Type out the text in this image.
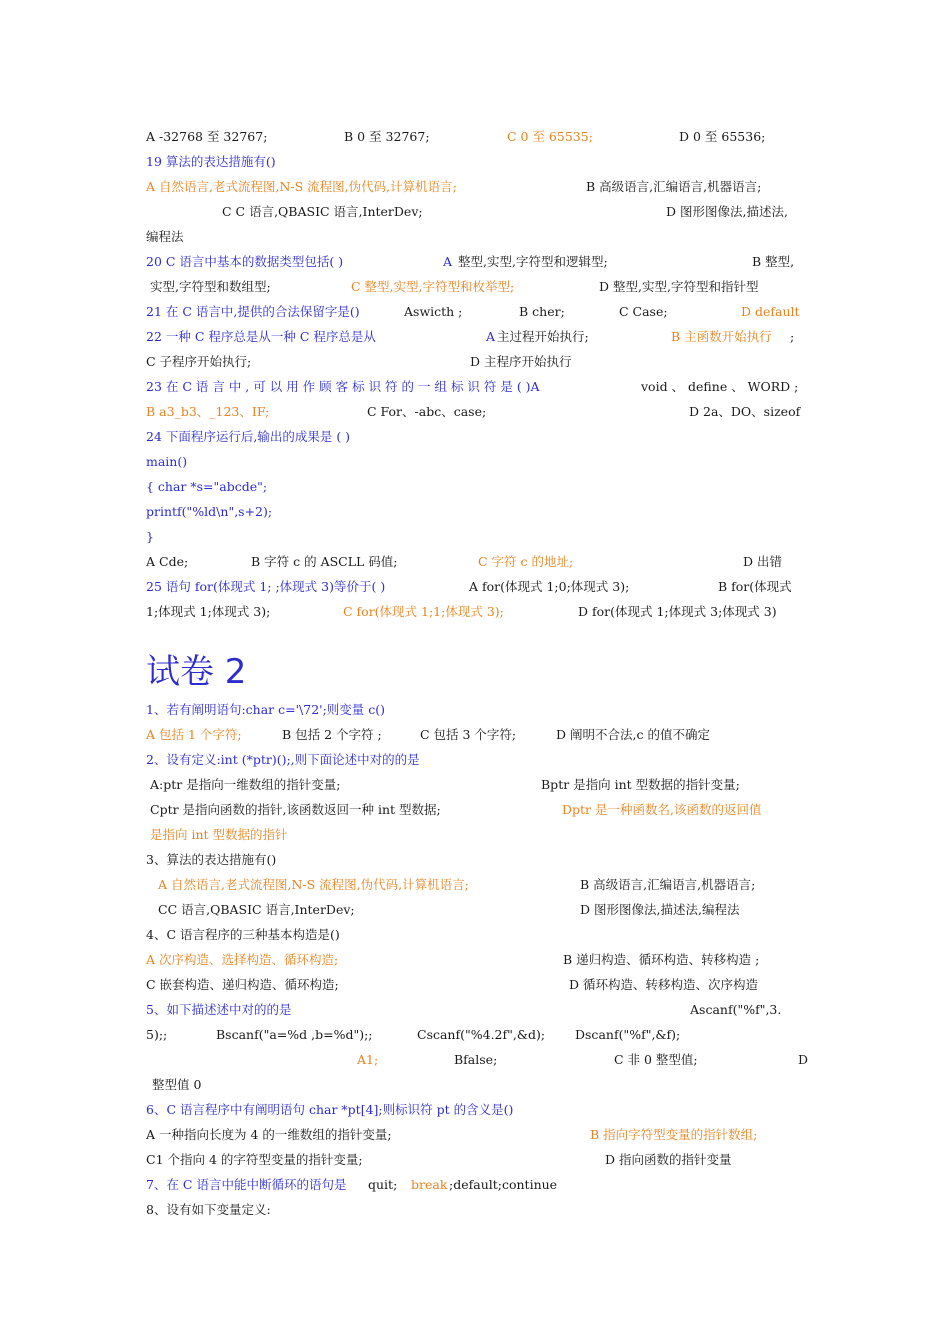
试卷 2
A -32768 至 32767;	B 0 至 32767;	C 0 至 65535;	D 0 至 65536;
19 算法的表达措施有()
A 自然语言,老式流程图,N-S 流程图,伪代码,计算机语言;	B 高级语言,汇编语言,机器语言;
C C 语言,QBASIC 语言,InterDev;	D 图形图像法,描述法,
编程法
20 C 语言中基本的数据类型包括( )	A 整型,实型,字符型和逻辑型;	B 整型,
实型,字符型和数组型;	C 整型,实型,字符型和枚举型;	D 整型,实型,字符型和指针型
21 在 C 语言中,提供的合法保留字是()	Aswicth ;	B cher;	C Case;	D default
22 一种 C 程序总是从一种 C 程序总是从	A 主过程开始执行;	B 主函数开始执行 ;
C 子程序开始执行;	D 主程序开始执行
23 在 C 语 言 中 , 可 以 用 作 顾 客 标 识 符 的 一 组 标 识 符 是 ( )A	void 、 define 、 WORD ;
B a3_b3、_123、IF;	C For、-abc、case;	D 2a、DO、sizeof
24 下面程序运行后,输出的成果是 ( )
main()
{ char *s="abcde";
printf("%ld\n",s+2);
}
A Cde;	B 字符 c 的 ASCLL 码值;	C 字符 c 的地址;	D 出错
25 语句 for(体现式 1; ;体现式 3)等价于( )	A for(体现式 1;0;体现式 3);	B for(体现式
1;体现式 1;体现式 3);	C for(体现式 1;1;体现式 3);	D for(体现式 1;体现式 3;体现式 3)
1、若有阐明语句:char c='\72';则变量 c()
A 包括 1 个字符;	B 包括 2 个字符 ;	C 包括 3 个字符;	D 阐明不合法,c 的值不确定
2、设有定义:int (*ptr)();,则下面论述中对的的是
A:ptr 是指向一维数组的指针变量;	Bptr 是指向 int 型数据的指针变量;
Cptr 是指向函数的指针,该函数返回一种 int 型数据;	Dptr 是一种函数名,该函数的返回值
是指向 int 型数据的指针
3、算法的表达措施有()
A 自然语言,老式流程图,N-S 流程图,伪代码,计算机语言;	B 高级语言,汇编语言,机器语言;
CC 语言,QBASIC 语言,InterDev;	D 图形图像法,描述法,编程法
4、C 语言程序的三种基本构造是()
A 次序构造、选择构造、循环构造;	B 递归构造、循环构造、转移构造 ;
C 嵌套构造、递归构造、循环构造;	D 循环构造、转移构造、次序构造
5、如下描述述中对的的是	Ascanf("%f",3.
5);;	Bscanf("a=%d ,b=%d");;	Cscanf("%4.2f",&d); Dscanf("%f",&f);
A1;	Bfalse;	C 非 0 整型值;	D
整型值 0
6、C 语言程序中有阐明语句 char *pt[4];则标识符 pt 的含义是()
A 一种指向长度为 4 的一维数组的指针变量;	B 指向字符型变量的指针数组;
C1 个指向 4 的字符型变量的指针变量;	D 指向函数的指针变量
7、在 C 语言中能中断循环的语句是 quit; break ;default;continue
8、设有如下变量定义:
